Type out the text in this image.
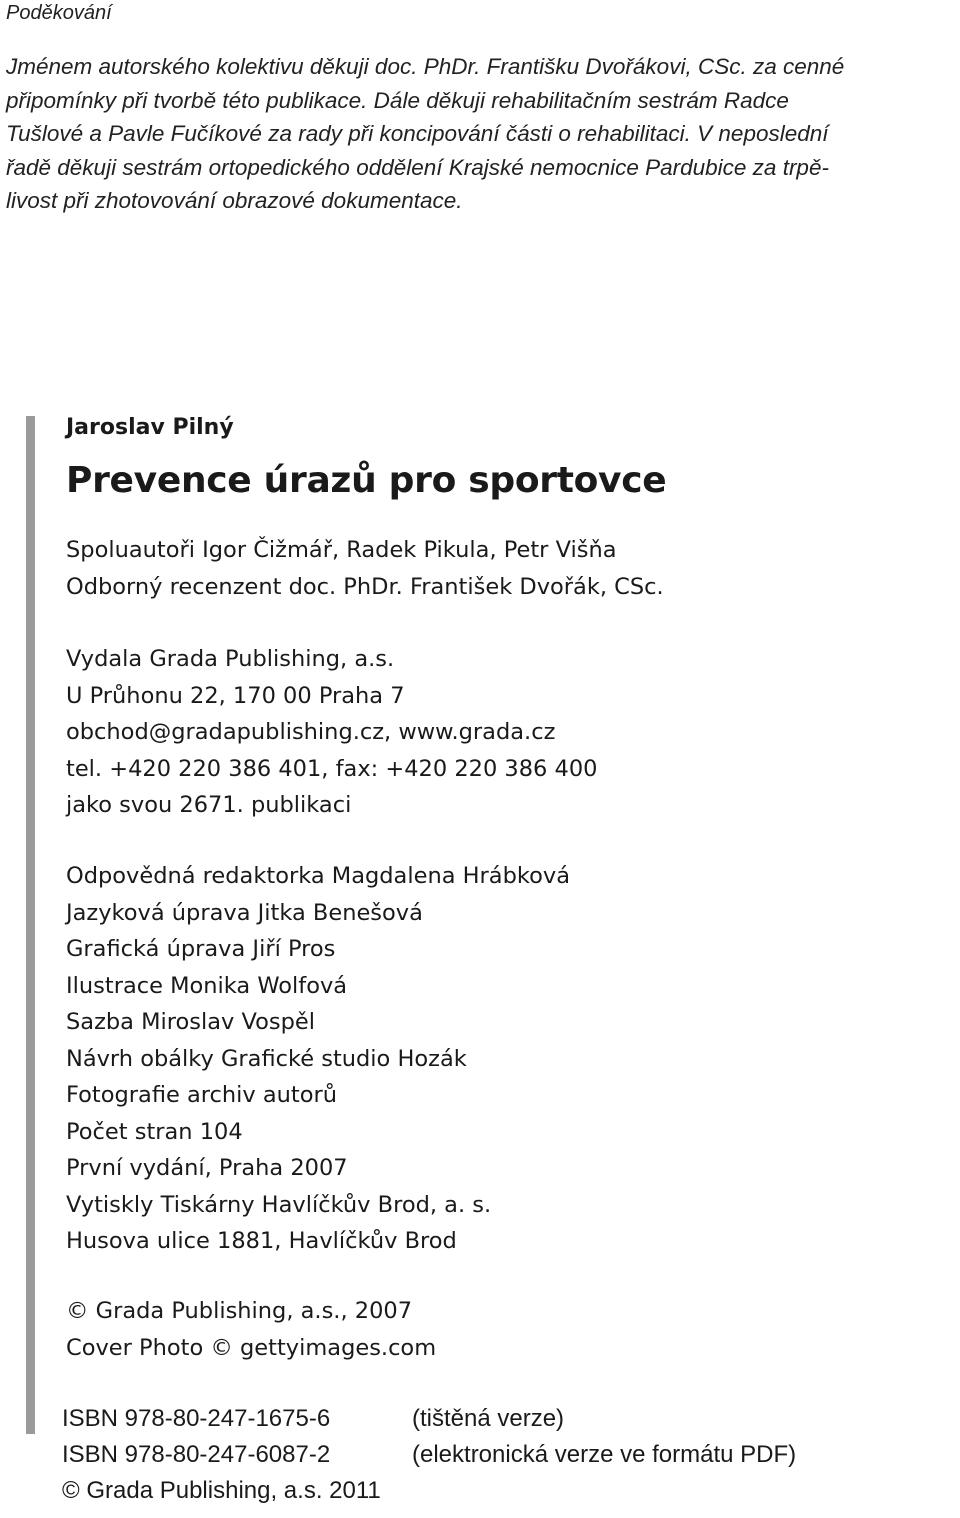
Poděkování
Jménem autorského kolektivu děkuji doc. PhDr. Františku Dvořákovi, CSc. za cenné
připomínky při tvorbě této publikace. Dále děkuji rehabilitačním sestrám Radce
Tušlové a Pavle Fučíkové za rady při koncipování části o rehabilitaci. V neposlední
řadě děkuji sestrám ortopedického oddělení Krajské nemocnice Pardubice za trpě-
livost při zhotovování obrazové dokumentace.
Jaroslav Pilný
Prevence úrazů pro sportovce
Spoluautoři Igor Čižmář, Radek Pikula, Petr Višňa
Odborný recenzent doc. PhDr. František Dvořák, CSc.
Vydala Grada Publishing, a.s.
U Průhonu 22, 170 00 Praha 7
obchod@gradapublishing.cz, www.grada.cz
tel. +420 220 386 401, fax: +420 220 386 400
jako svou 2671. publikaci
Odpovědná redaktorka Magdalena Hrábková
Jazyková úprava Jitka Benešová
Grafická úprava Jiří Pros
Ilustrace Monika Wolfová
Sazba Miroslav Vospěl
Návrh obálky Grafické studio Hozák
Fotografie archiv autorů
Počet stran 104
První vydání, Praha 2007
Vytiskly Tiskárny Havlíčkův Brod, a. s.
Husova ulice 1881, Havlíčkův Brod
© Grada Publishing, a.s., 2007
Cover Photo © gettyimages.com
ISBN 978-80-247-1675-6	(tištěná verze)
ISBN 978-80-247-6087-2	(elektronická verze ve formátu PDF)
© Grada Publishing, a.s. 2011
